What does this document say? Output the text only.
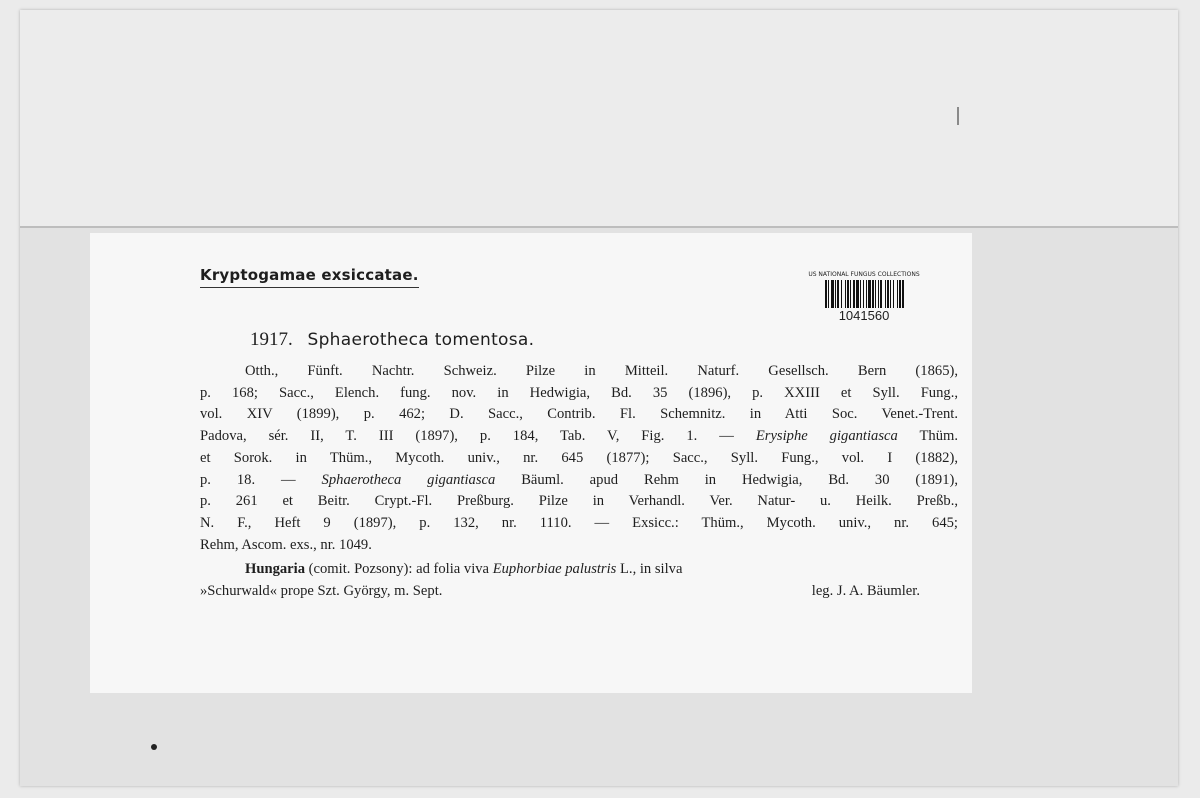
Kryptogamae exsiccatae.	US NATIONAL FUNGUS COLLECTIONS
1041560
1917. Sphaerotheca tomentosa.
Otth., Fünft. Nachtr. Schweiz. Pilze in Mitteil. Naturf. Gesellsch. Bern (1865),
p. 168; Sacc., Elench. fung. nov. in Hedwigia, Bd. 35 (1896), p. XXIII et Syll. Fung.,
vol. XIV (1899), p. 462; D. Sacc., Contrib. Fl. Schemnitz. in Atti Soc. Venet.-Trent.
Padova, sér. II, T. III (1897), p. 184, Tab. V, Fig. 1. — Erysiphe gigantiasca Thüm.
et Sorok. in Thüm., Mycoth. univ., nr. 645 (1877); Sacc., Syll. Fung., vol. I (1882),
p. 18. — Sphaerotheca gigantiasca Bäuml. apud Rehm in Hedwigia, Bd. 30 (1891),
p. 261 et Beitr. Crypt.-Fl. Preßburg. Pilze in Verhandl. Ver. Natur- u. Heilk. Preßb.,
N. F., Heft 9 (1897), p. 132, nr. 1110. — Exsicc.: Thüm., Mycoth. univ., nr. 645;
Rehm, Ascom. exs., nr. 1049.
Hungaria (comit. Pozsony): ad folia viva Euphorbiae palustris L., in silva
»Schurwald« prope Szt. György, m. Sept.	leg. J. A. Bäumler.
